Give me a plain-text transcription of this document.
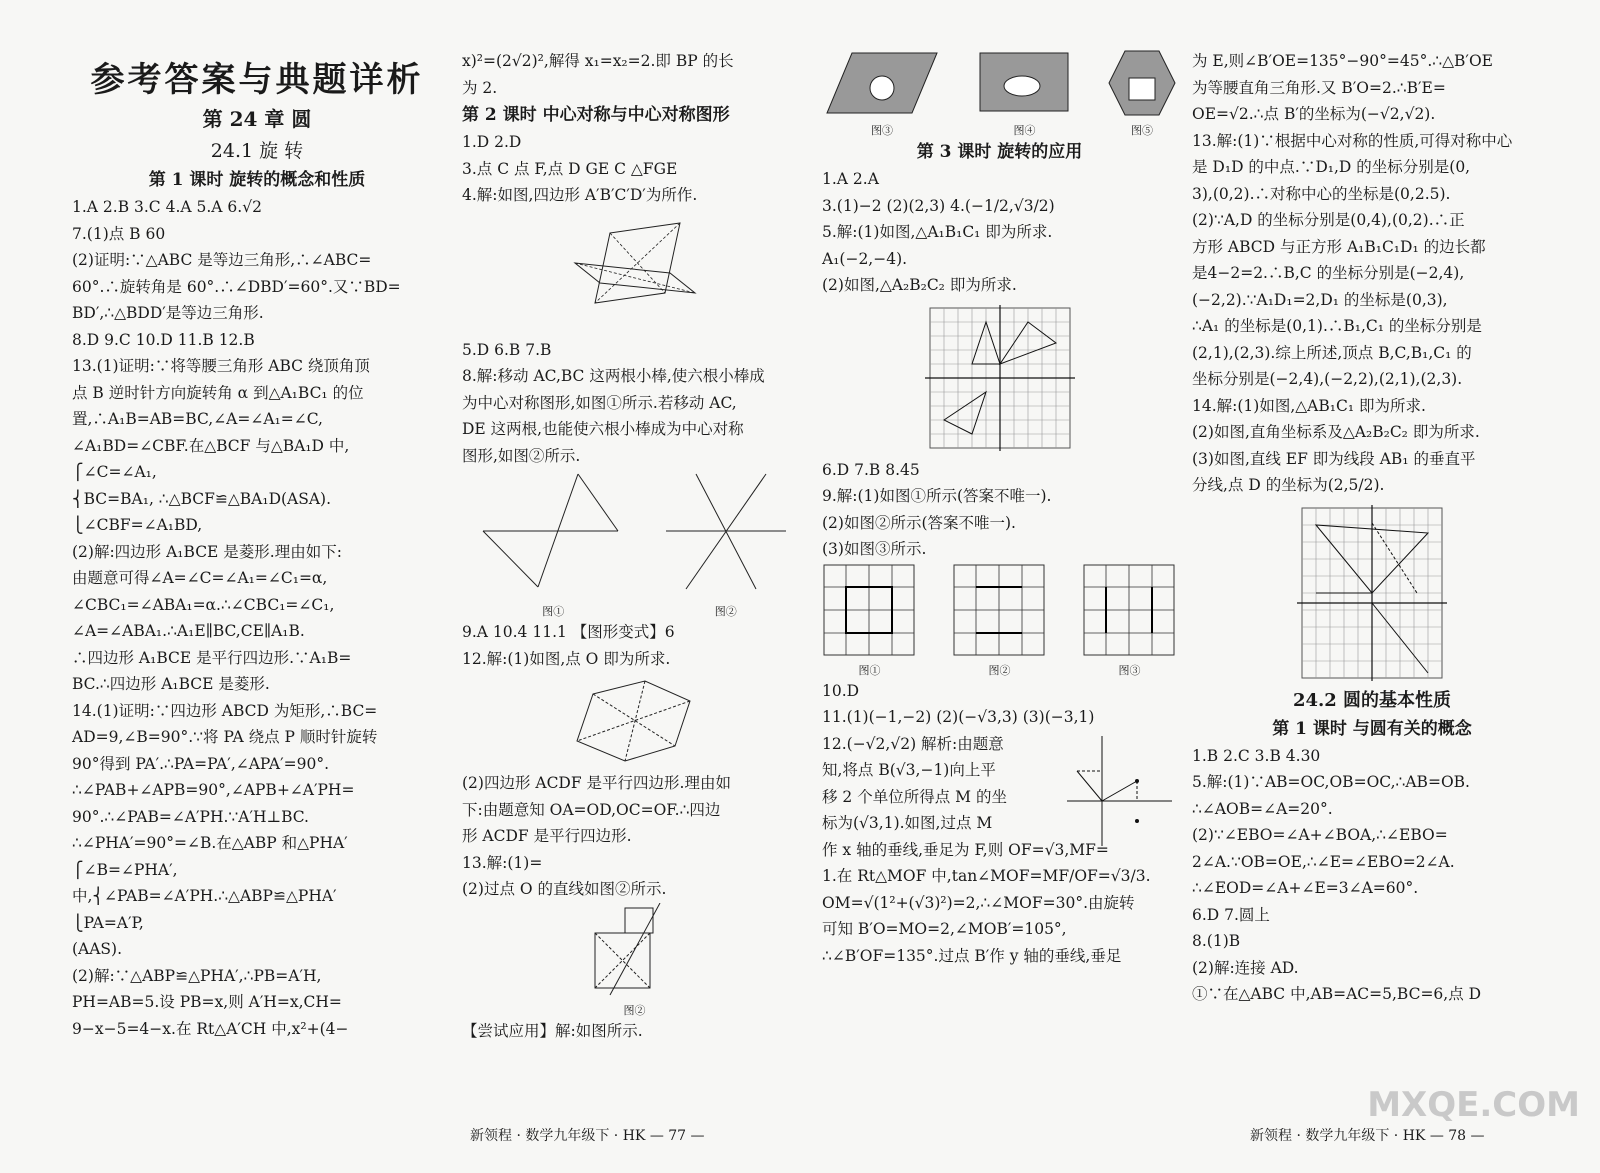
参考答案与典题详析
第 24 章 圆
24.1 旋 转
第 1 课时 旋转的概念和性质
1.A 2.B 3.C 4.A 5.A 6.√2
7.(1)点 B 60
(2)证明:∵△ABC 是等边三角形,∴∠ABC=
60°.∴旋转角是 60°.∴∠DBD′=60°.又∵BD=
BD′,∴△BDD′是等边三角形.
8.D 9.C 10.D 11.B 12.B
13.(1)证明:∵将等腰三角形 ABC 绕顶角顶
点 B 逆时针方向旋转角 α 到△A₁BC₁ 的位
置,∴A₁B=AB=BC,∠A=∠A₁=∠C,
∠A₁BD=∠CBF.在△BCF 与△BA₁D 中,
⎧∠C=∠A₁,
⎨BC=BA₁, ∴△BCF≌△BA₁D(ASA).
⎩∠CBF=∠A₁BD,
(2)解:四边形 A₁BCE 是菱形.理由如下:
由题意可得∠A=∠C=∠A₁=∠C₁=α,
∠CBC₁=∠ABA₁=α.∴∠CBC₁=∠C₁,
∠A=∠ABA₁.∴A₁E∥BC,CE∥A₁B.
∴四边形 A₁BCE 是平行四边形.∵A₁B=
BC.∴四边形 A₁BCE 是菱形.
14.(1)证明:∵四边形 ABCD 为矩形,∴BC=
AD=9,∠B=90°.∵将 PA 绕点 P 顺时针旋转
90°得到 PA′.∴PA=PA′,∠APA′=90°.
∴∠PAB+∠APB=90°,∠APB+∠A′PH=
90°.∴∠PAB=∠A′PH.∵A′H⊥BC.
∴∠PHA′=90°=∠B.在△ABP 和△PHA′
⎧∠B=∠PHA′,
中,⎨∠PAB=∠A′PH.∴△ABP≌△PHA′
⎩PA=A′P,
(AAS).
(2)解:∵△ABP≌△PHA′,∴PB=A′H,
PH=AB=5.设 PB=x,则 A′H=x,CH=
9−x−5=4−x.在 Rt△A′CH 中,x²+(4−
x)²=(2√2)²,解得 x₁=x₂=2.即 BP 的长
为 2.
第 2 课时 中心对称与中心对称图形
1.D 2.D
3.点 C 点 F,点 D GE C △FGE
4.解:如图,四边形 A′B′C′D′为所作.
5.D 6.B 7.B
8.解:移动 AC,BC 这两根小棒,使六根小棒成
为中心对称图形,如图①所示.若移动 AC,
DE 这两根,也能使六根小棒成为中心对称
图形,如图②所示.
图①	图②
9.A 10.4 11.1 【图形变式】6
12.解:(1)如图,点 O 即为所求.
(2)四边形 ACDF 是平行四边形.理由如
下:由题意知 OA=OD,OC=OF.∴四边
形 ACDF 是平行四边形.
13.解:(1)=
(2)过点 O 的直线如图②所示.
图②
【尝试应用】解:如图所示.
图③	图④	图⑤
第 3 课时 旋转的应用
1.A 2.A
3.(1)−2 (2)(2,3) 4.(−1/2,√3/2)
5.解:(1)如图,△A₁B₁C₁ 即为所求.
A₁(−2,−4).
(2)如图,△A₂B₂C₂ 即为所求.
6.D 7.B 8.45
9.解:(1)如图①所示(答案不唯一).
(2)如图②所示(答案不唯一).
(3)如图③所示.
图①	图②	图③
10.D
11.(1)(−1,−2) (2)(−√3,3) (3)(−3,1)
12.(−√2,√2) 解析:由题意
知,将点 B(√3,−1)向上平
移 2 个单位所得点 M 的坐
标为(√3,1).如图,过点 M
作 x 轴的垂线,垂足为 F,则 OF=√3,MF=
1.在 Rt△MOF 中,tan∠MOF=MF/OF=√3/3.
OM=√(1²+(√3)²)=2,∴∠MOF=30°.由旋转
可知 B′O=MO=2,∠MOB′=105°,
∴∠B′OF=135°.过点 B′作 y 轴的垂线,垂足
为 E,则∠B′OE=135°−90°=45°.∴△B′OE
为等腰直角三角形.又 B′O=2.∴B′E=
OE=√2.∴点 B′的坐标为(−√2,√2).
13.解:(1)∵根据中心对称的性质,可得对称中心
是 D₁D 的中点.∵D₁,D 的坐标分别是(0,
3),(0,2).∴对称中心的坐标是(0,2.5).
(2)∵A,D 的坐标分别是(0,4),(0,2).∴正
方形 ABCD 与正方形 A₁B₁C₁D₁ 的边长都
是4−2=2.∴B,C 的坐标分别是(−2,4),
(−2,2).∵A₁D₁=2,D₁ 的坐标是(0,3),
∴A₁ 的坐标是(0,1).∴B₁,C₁ 的坐标分别是
(2,1),(2,3).综上所述,顶点 B,C,B₁,C₁ 的
坐标分别是(−2,4),(−2,2),(2,1),(2,3).
14.解:(1)如图,△AB₁C₁ 即为所求.
(2)如图,直角坐标系及△A₂B₂C₂ 即为所求.
(3)如图,直线 EF 即为线段 AB₁ 的垂直平
分线,点 D 的坐标为(2,5/2).
24.2 圆的基本性质
第 1 课时 与圆有关的概念
1.B 2.C 3.B 4.30
5.解:(1)∵AB=OC,OB=OC,∴AB=OB.
∴∠AOB=∠A=20°.
(2)∵∠EBO=∠A+∠BOA,∴∠EBO=
2∠A.∵OB=OE,∴∠E=∠EBO=2∠A.
∴∠EOD=∠A+∠E=3∠A=60°.
6.D 7.圆上
8.(1)B
(2)解:连接 AD.
①∵在△ABC 中,AB=AC=5,BC=6,点 D
新领程 · 数学九年级下 · HK — 77 —	新领程 · 数学九年级下 · HK — 78 —
MXQE.COM
